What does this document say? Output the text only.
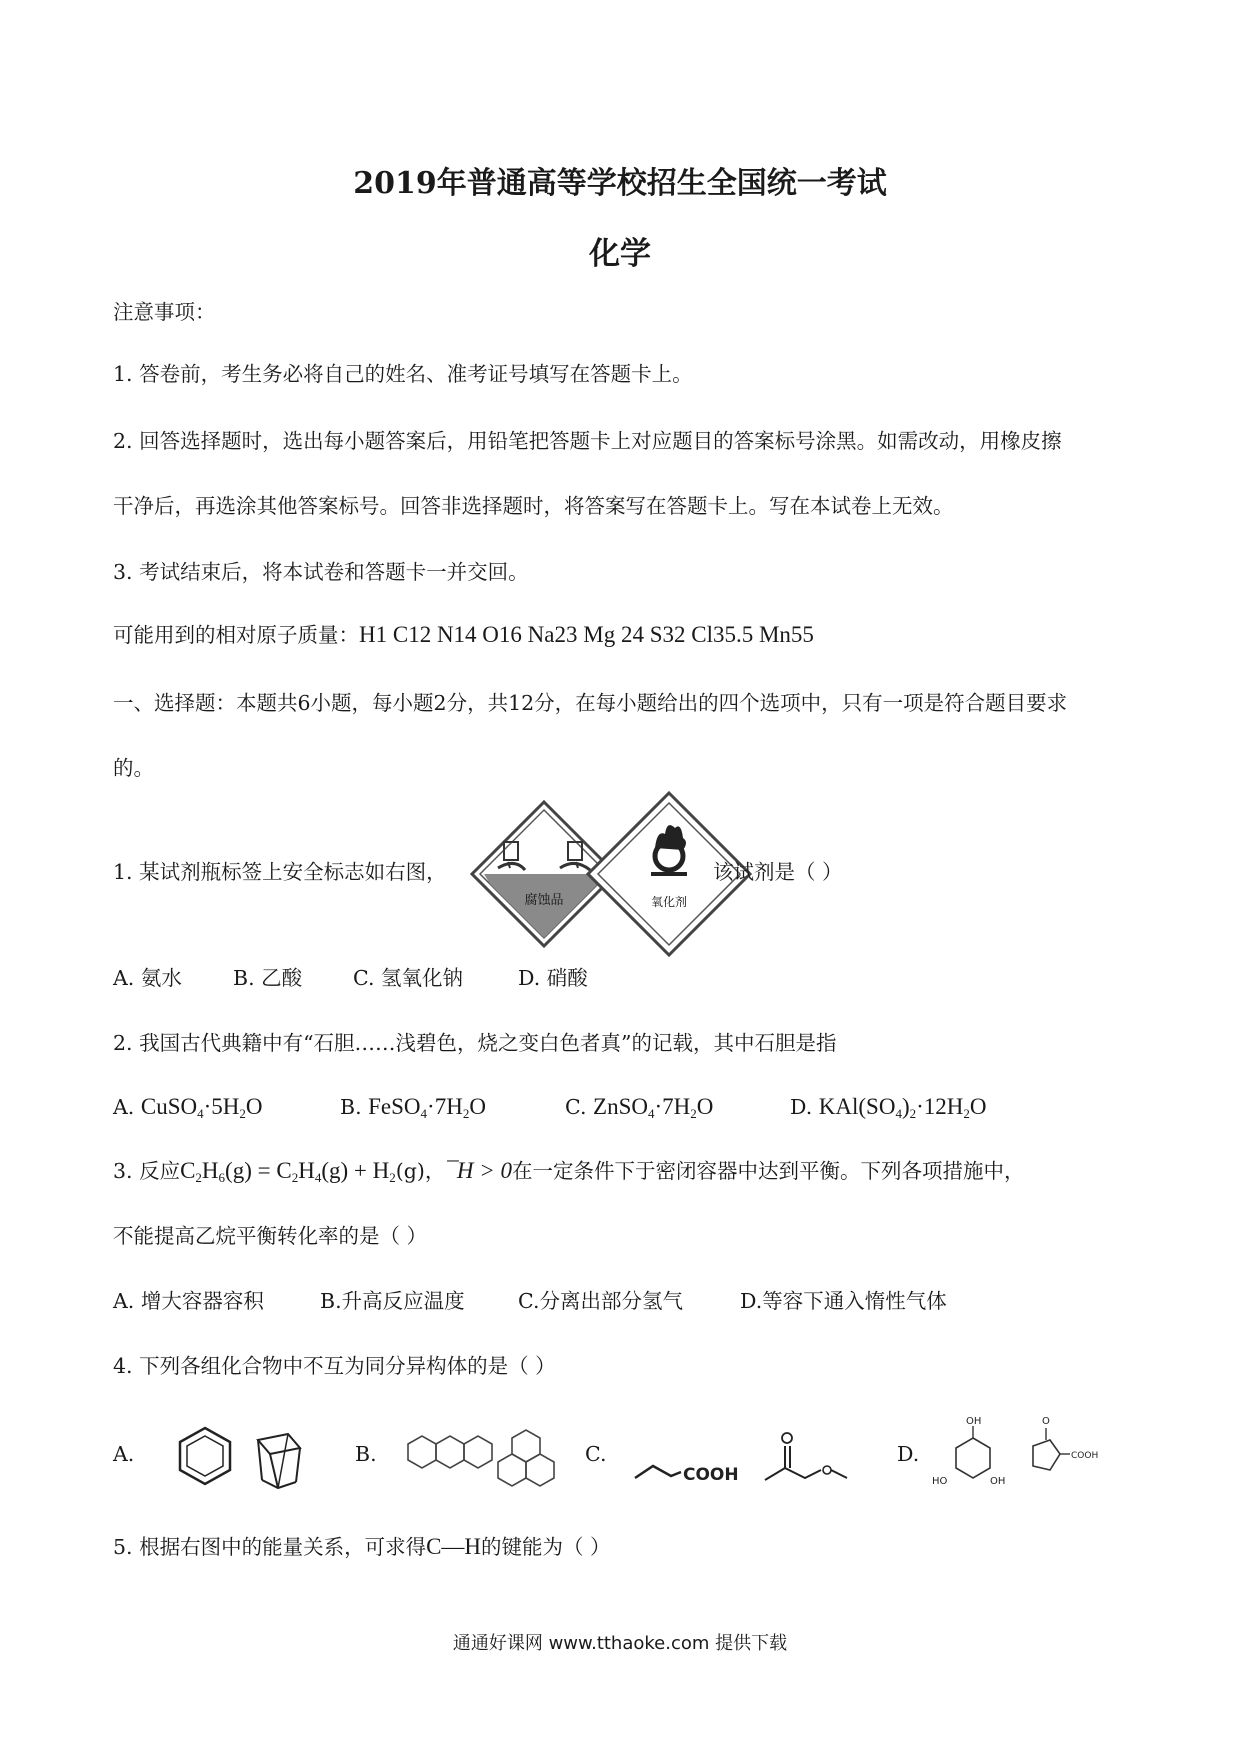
2019年普通高等学校招生全国统一考试
化学
注意事项：
1. 答卷前，考生务必将自己的姓名、准考证号填写在答题卡上。
2. 回答选择题时，选出每小题答案后，用铅笔把答题卡上对应题目的答案标号涂黑。如需改动，用橡皮擦
干净后，再选涂其他答案标号。回答非选择题时，将答案写在答题卡上。写在本试卷上无效。
3. 考试结束后，将本试卷和答题卡一并交回。
可能用到的相对原子质量：H1 C12 N14 O16 Na23 Mg 24 S32 Cl35.5 Mn55
一、选择题：本题共6小题，每小题2分，共12分，在每小题给出的四个选项中，只有一项是符合题目要求
的。
1. 某试剂瓶标签上安全标志如右图，
腐蚀品	氧化剂
该试剂是（ ）
A. 氨水 B. 乙酸 C. 氢氧化钠	D. 硝酸
2. 我国古代典籍中有“石胆……浅碧色，烧之变白色者真”的记载，其中石胆是指
A. $CuSO_4\cdot 5H_2O$	B. $FeSO_4\cdot 7H_2O$	C. $ZnSO_4\cdot 7H_2O$	D. $KAl(SO_4)_2\cdot 12H_2O$
3. 反应$C_2H_6(g) = C_2H_4(g) + H_2(g)$，¯H > 0在一定条件下于密闭容器中达到平衡。下列各项措施中，
不能提高乙烷平衡转化率的是（ ）
A. 增大容器容积	B.升高反应温度	C.分离出部分氢气	D.等容下通入惰性气体
4. 下列各组化合物中不互为同分异构体的是（ ）
A.	B.	C.
COOH
D.
OH
HO	OH
O
COOH
5. 根据右图中的能量关系，可求得C—H的键能为（ ）
通通好课网 www.tthaoke.com 提供下载
